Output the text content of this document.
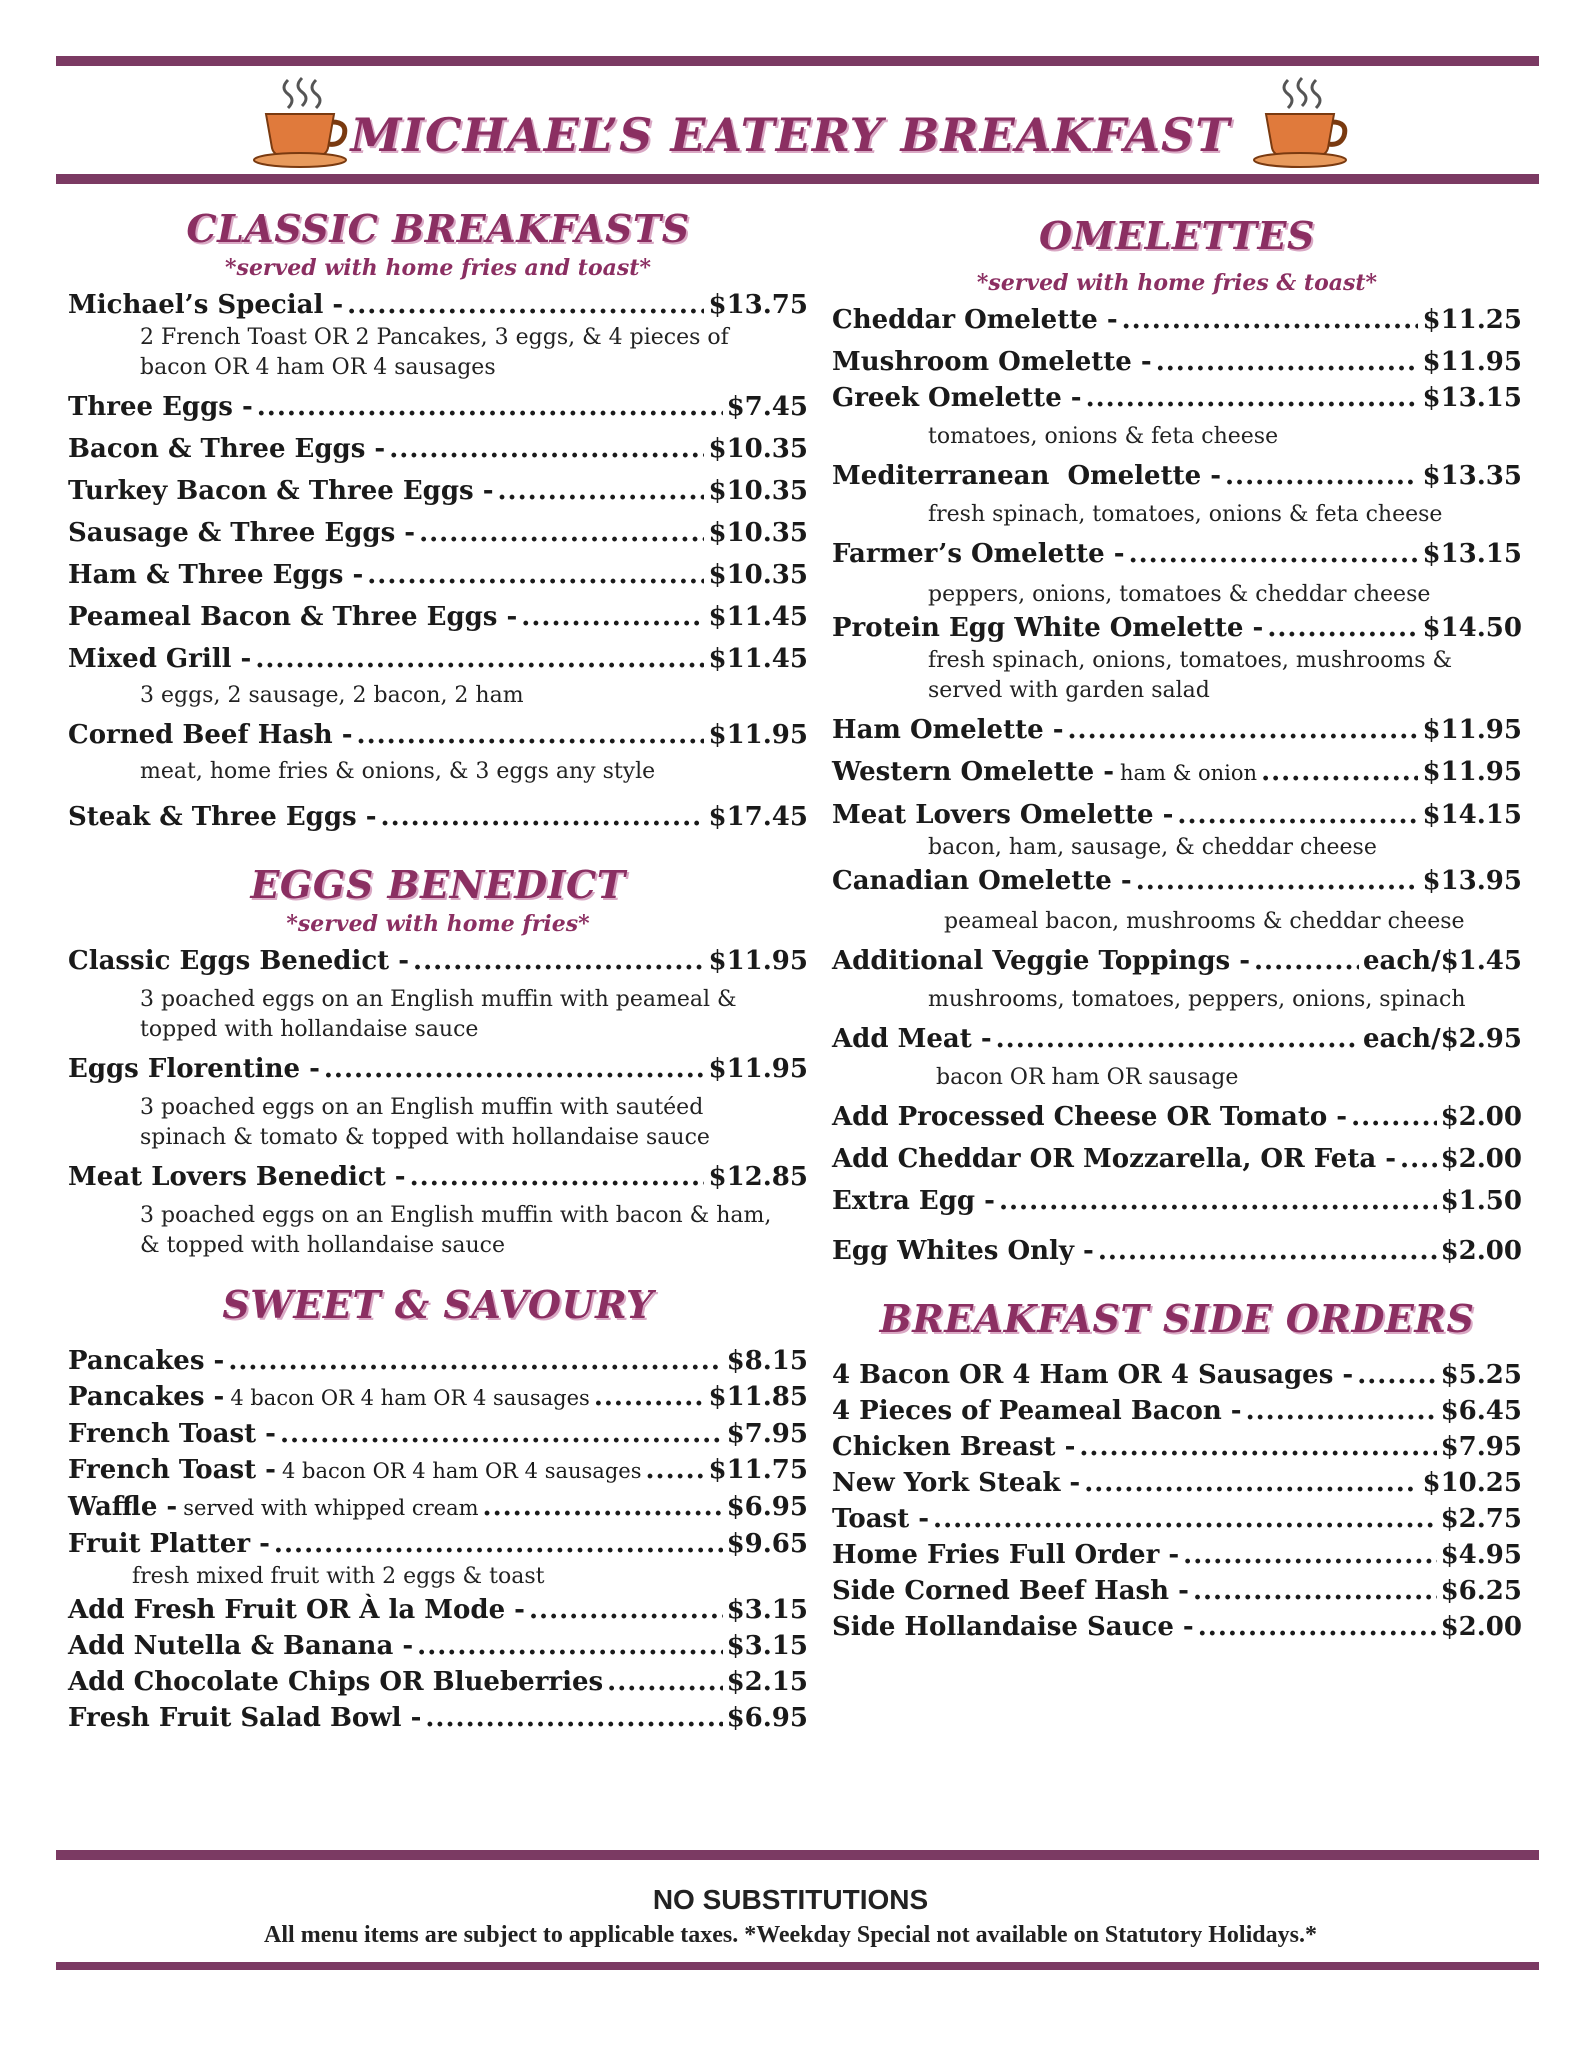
MICHAEL’S EATERY BREAKFAST
CLASSIC BREAKFASTS
*served with home fries and toast*
Michael’s Special - .....	$13.75
2 French Toast OR 2 Pancakes, 3 eggs, & 4 pieces of bacon OR 4 ham OR 4 sausages
Three Eggs - .....	$7.45
Bacon & Three Eggs - .....	$10.35
Turkey Bacon & Three Eggs - .....	$10.35
Sausage & Three Eggs - .....	$10.35
Ham & Three Eggs - .....	$10.35
Peameal Bacon & Three Eggs - .....	$11.45
Mixed Grill - .....	$11.45
3 eggs, 2 sausage, 2 bacon, 2 ham
Corned Beef Hash - .....	$11.95
meat, home fries & onions, & 3 eggs any style
Steak & Three Eggs - .....	$17.45
EGGS BENEDICT
*served with home fries*
Classic Eggs Benedict - .....	$11.95
3 poached eggs on an English muffin with peameal & topped with hollandaise sauce
Eggs Florentine - .....	$11.95
3 poached eggs on an English muffin with sautéed spinach & tomato & topped with hollandaise sauce
Meat Lovers Benedict - .....	$12.85
3 poached eggs on an English muffin with bacon & ham, & topped with hollandaise sauce
SWEET & SAVOURY
Pancakes - .....	$8.15
Pancakes - 4 bacon OR 4 ham OR 4 sausages .....	$11.85
French Toast - .....	$7.95
French Toast - 4 bacon OR 4 ham OR 4 sausages .....	$11.75
Waffle - served with whipped cream .....	$6.95
Fruit Platter - .....	$9.65
fresh mixed fruit with 2 eggs & toast
Add Fresh Fruit OR À la Mode - .....	$3.15
Add Nutella & Banana - .....	$3.15
Add Chocolate Chips OR Blueberries .....	$2.15
Fresh Fruit Salad Bowl - .....	$6.95
OMELETTES
*served with home fries & toast*
Cheddar Omelette - .....	$11.25
Mushroom Omelette - .....	$11.95
Greek Omelette - .....	$13.15
tomatoes, onions & feta cheese
Mediterranean  Omelette - .....	$13.35
fresh spinach, tomatoes, onions & feta cheese
Farmer’s Omelette - .....	$13.15
peppers, onions, tomatoes & cheddar cheese
Protein Egg White Omelette - .....	$14.50
fresh spinach, onions, tomatoes, mushrooms & served with garden salad
Ham Omelette - .....	$11.95
Western Omelette - ham & onion .....	$11.95
Meat Lovers Omelette - .....	$14.15
bacon, ham, sausage, & cheddar cheese
Canadian Omelette - .....	$13.95
peameal bacon, mushrooms & cheddar cheese
Additional Veggie Toppings - .....	each/$1.45
mushrooms, tomatoes, peppers, onions, spinach
Add Meat - .....	each/$2.95
bacon OR ham OR sausage
Add Processed Cheese OR Tomato - .....	$2.00
Add Cheddar OR Mozzarella, OR Feta - ..... $2.00
Extra Egg - .....	$1.50
Egg Whites Only - .....	$2.00
BREAKFAST SIDE ORDERS
4 Bacon OR 4 Ham OR 4 Sausages - .....	$5.25
4 Pieces of Peameal Bacon - .....	$6.45
Chicken Breast - .....	$7.95
New York Steak - .....	$10.25
Toast - .....	$2.75
Home Fries Full Order - .....	$4.95
Side Corned Beef Hash - .....	$6.25
Side Hollandaise Sauce - .....	$2.00
NO SUBSTITUTIONS
All menu items are subject to applicable taxes. *Weekday Special not available on Statutory Holidays.*
